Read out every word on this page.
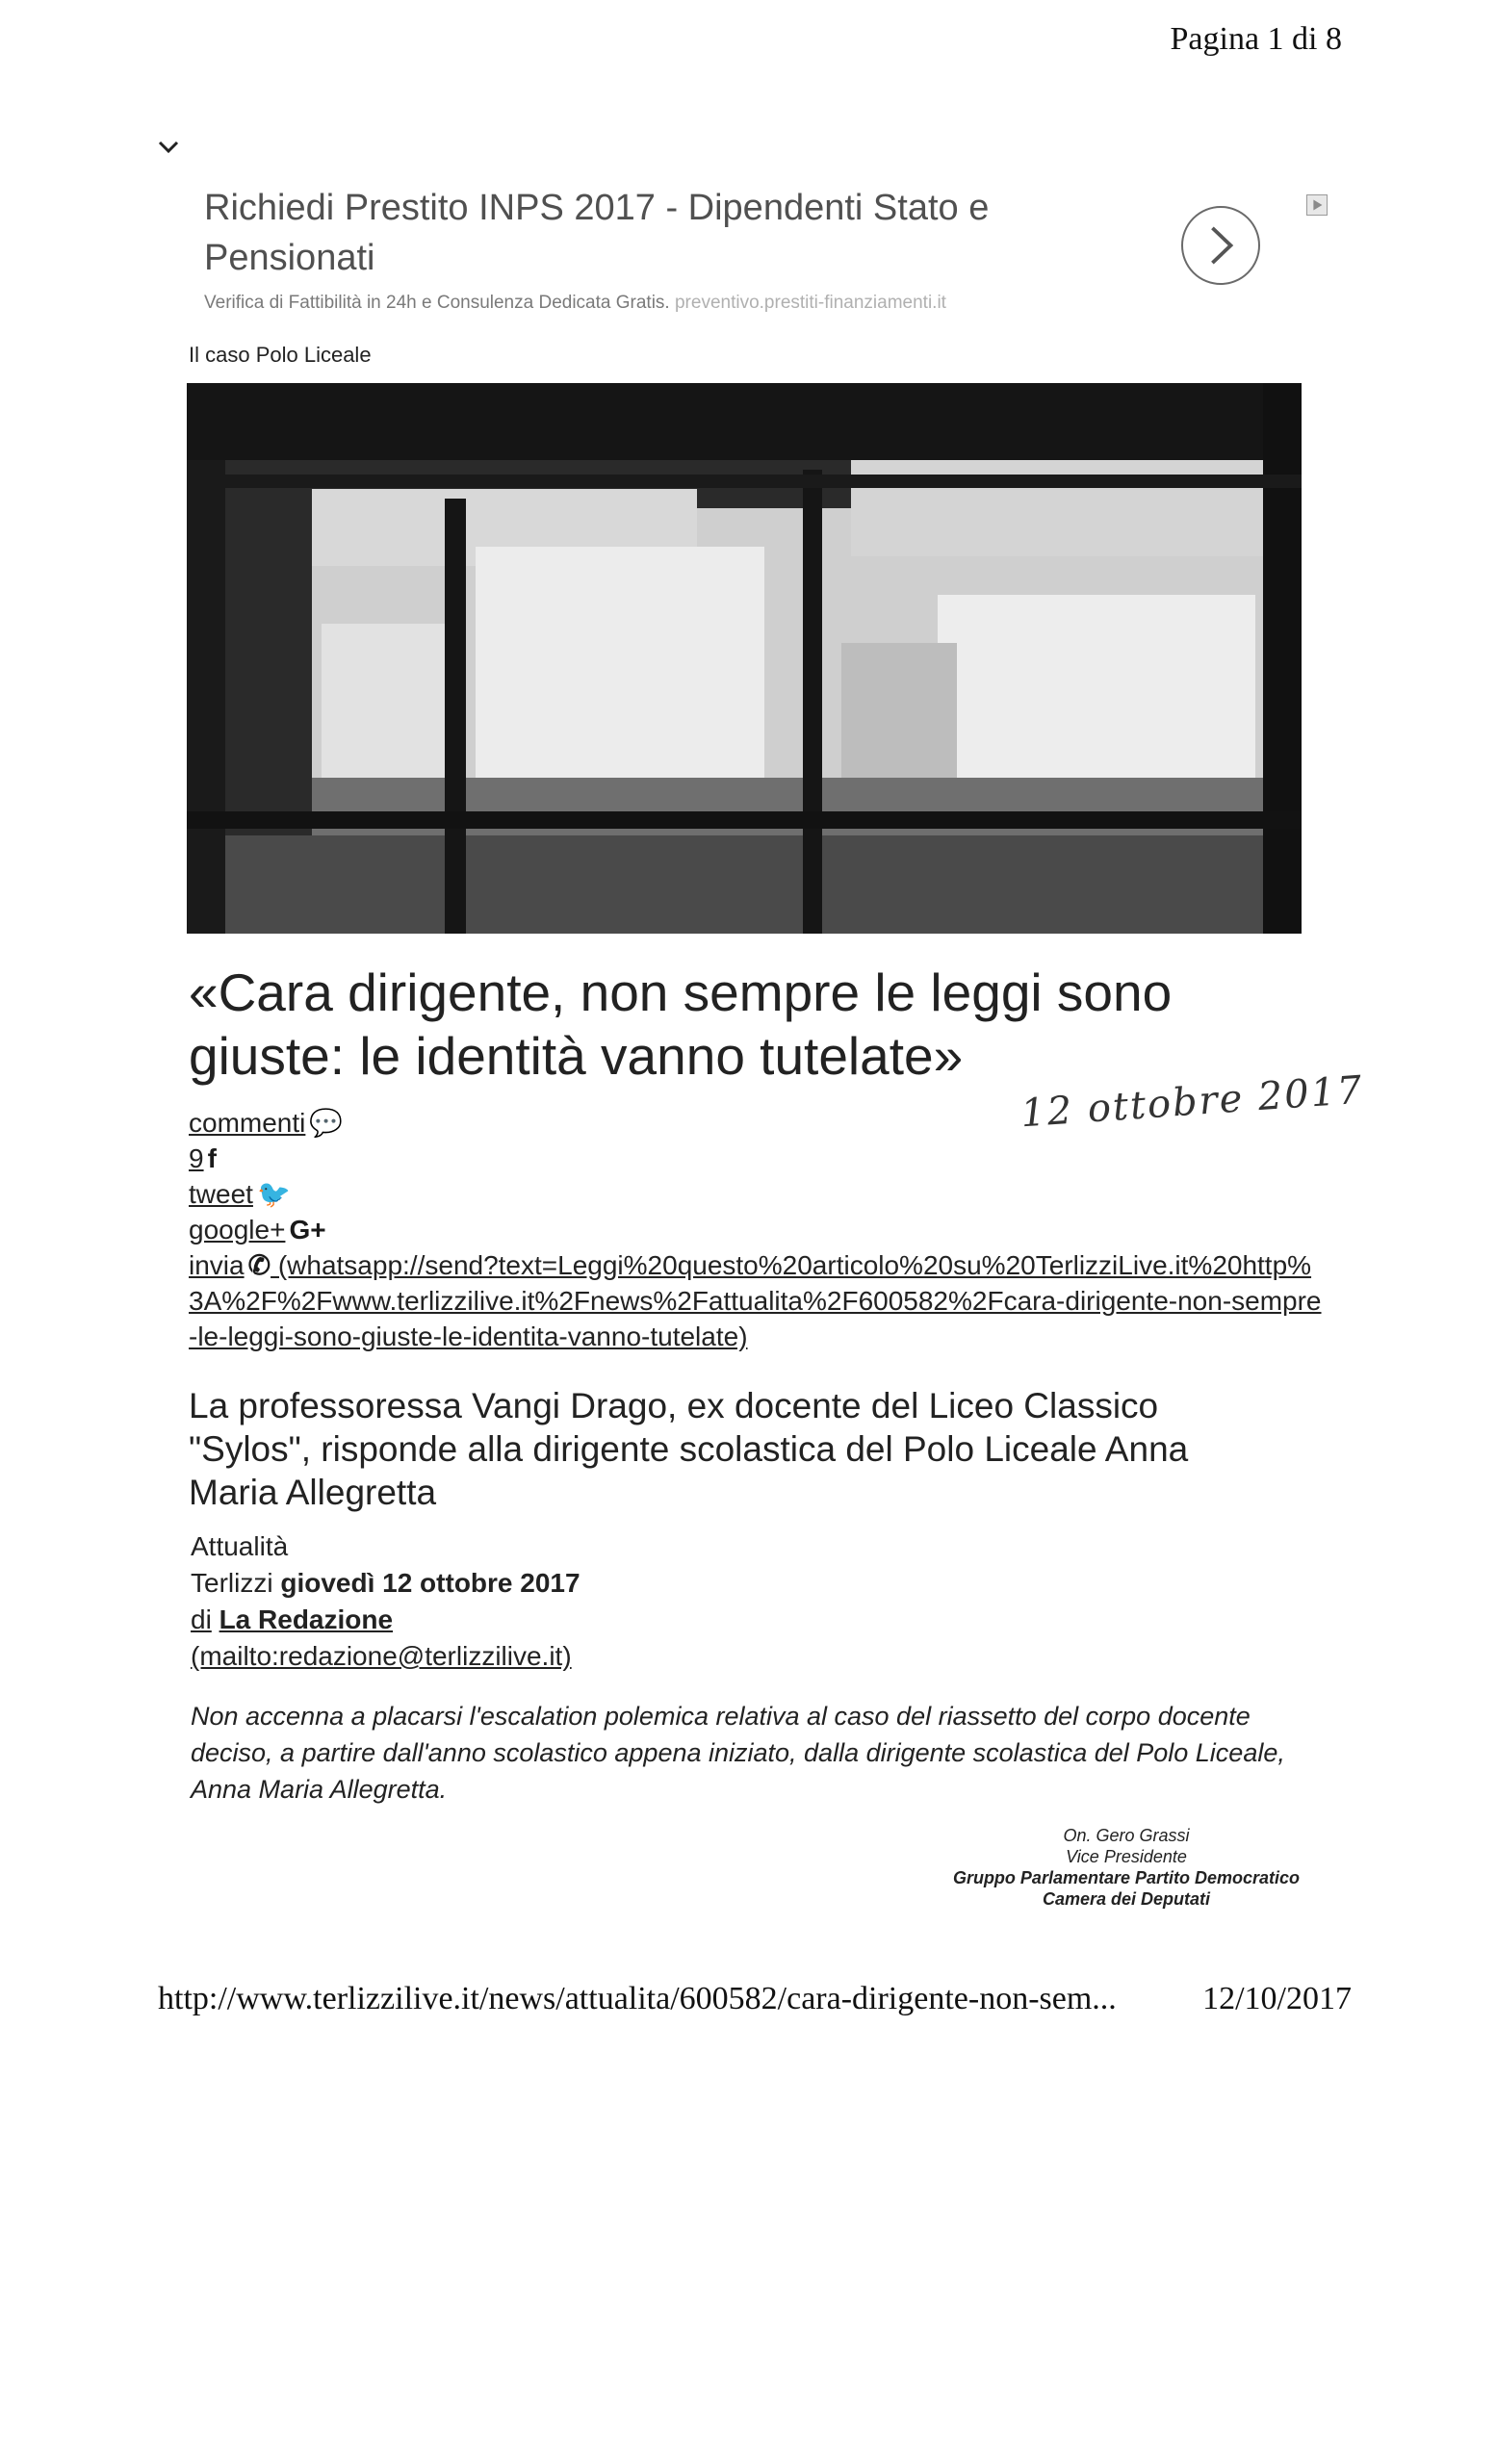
Pagina 1 di 8
Richiedi Prestito INPS 2017 - Dipendenti Stato e Pensionati
Verifica di Fattibilità in 24h e Consulenza Dedicata Gratis. preventivo.prestiti-finanziamenti.it
Il caso Polo Liceale
«Cara dirigente, non sempre le leggi sono giuste: le identità vanno tutelate»
12 ottobre 2017
commenti 💬
9 f
tweet 🐦
google+ G+
invia ✆ (whatsapp://send?text=Leggi%20questo%20articolo%20su%20TerlizziLive.it%20http%3A%2F%2Fwww.terlizzilive.it%2Fnews%2Fattualita%2F600582%2Fcara-dirigente-non-sempre-le-leggi-sono-giuste-le-identita-vanno-tutelate)
La professoressa Vangi Drago, ex docente del Liceo Classico "Sylos", risponde alla dirigente scolastica del Polo Liceale Anna Maria Allegretta
Attualità
Terlizzi giovedì 12 ottobre 2017
di La Redazione
(mailto:redazione@terlizzilive.it)
Non accenna a placarsi l'escalation polemica relativa al caso del riassetto del corpo docente deciso, a partire dall'anno scolastico appena iniziato, dalla dirigente scolastica del Polo Liceale, Anna Maria Allegretta.
On. Gero Grassi
Vice Presidente
Gruppo Parlamentare Partito Democratico
Camera dei Deputati
http://www.terlizzilive.it/news/attualita/600582/cara-dirigente-non-sem...	12/10/2017
